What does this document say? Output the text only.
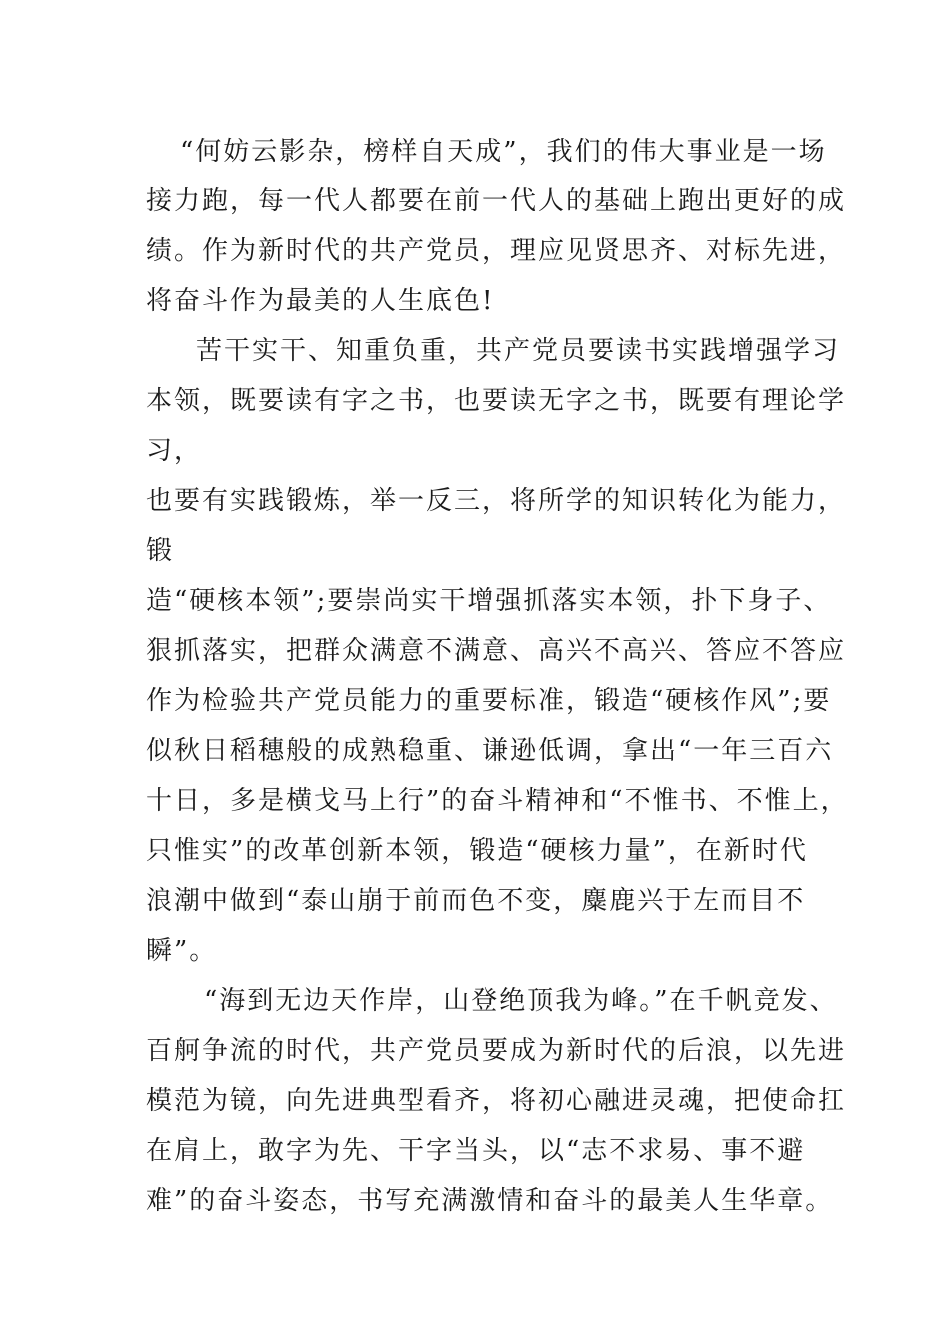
“何妨云影杂，榜样自天成”，我们的伟大事业是一场
接力跑，每一代人都要在前一代人的基础上跑出更好的成
绩。作为新时代的共产党员，理应见贤思齐、对标先进，
将奋斗作为最美的人生底色!
苦干实干、知重负重，共产党员要读书实践增强学习
本领，既要读有字之书，也要读无字之书，既要有理论学
习，
也要有实践锻炼，举一反三，将所学的知识转化为能力，
锻
造“硬核本领”;要崇尚实干增强抓落实本领，扑下身子、
狠抓落实，把群众满意不满意、高兴不高兴、答应不答应
作为检验共产党员能力的重要标准，锻造“硬核作风”;要
似秋日稻穗般的成熟稳重、谦逊低调，拿出“一年三百六
十日，多是横戈马上行”的奋斗精神和“不惟书、不惟上，
只惟实”的改革创新本领，锻造“硬核力量”，在新时代
浪潮中做到“泰山崩于前而色不变，麋鹿兴于左而目不
瞬”。
“海到无边天作岸，山登绝顶我为峰。”在千帆竞发、
百舸争流的时代，共产党员要成为新时代的后浪，以先进
模范为镜，向先进典型看齐，将初心融进灵魂，把使命扛
在肩上，敢字为先、干字当头，以“志不求易、事不避
难”的奋斗姿态，书写充满激情和奋斗的最美人生华章。
